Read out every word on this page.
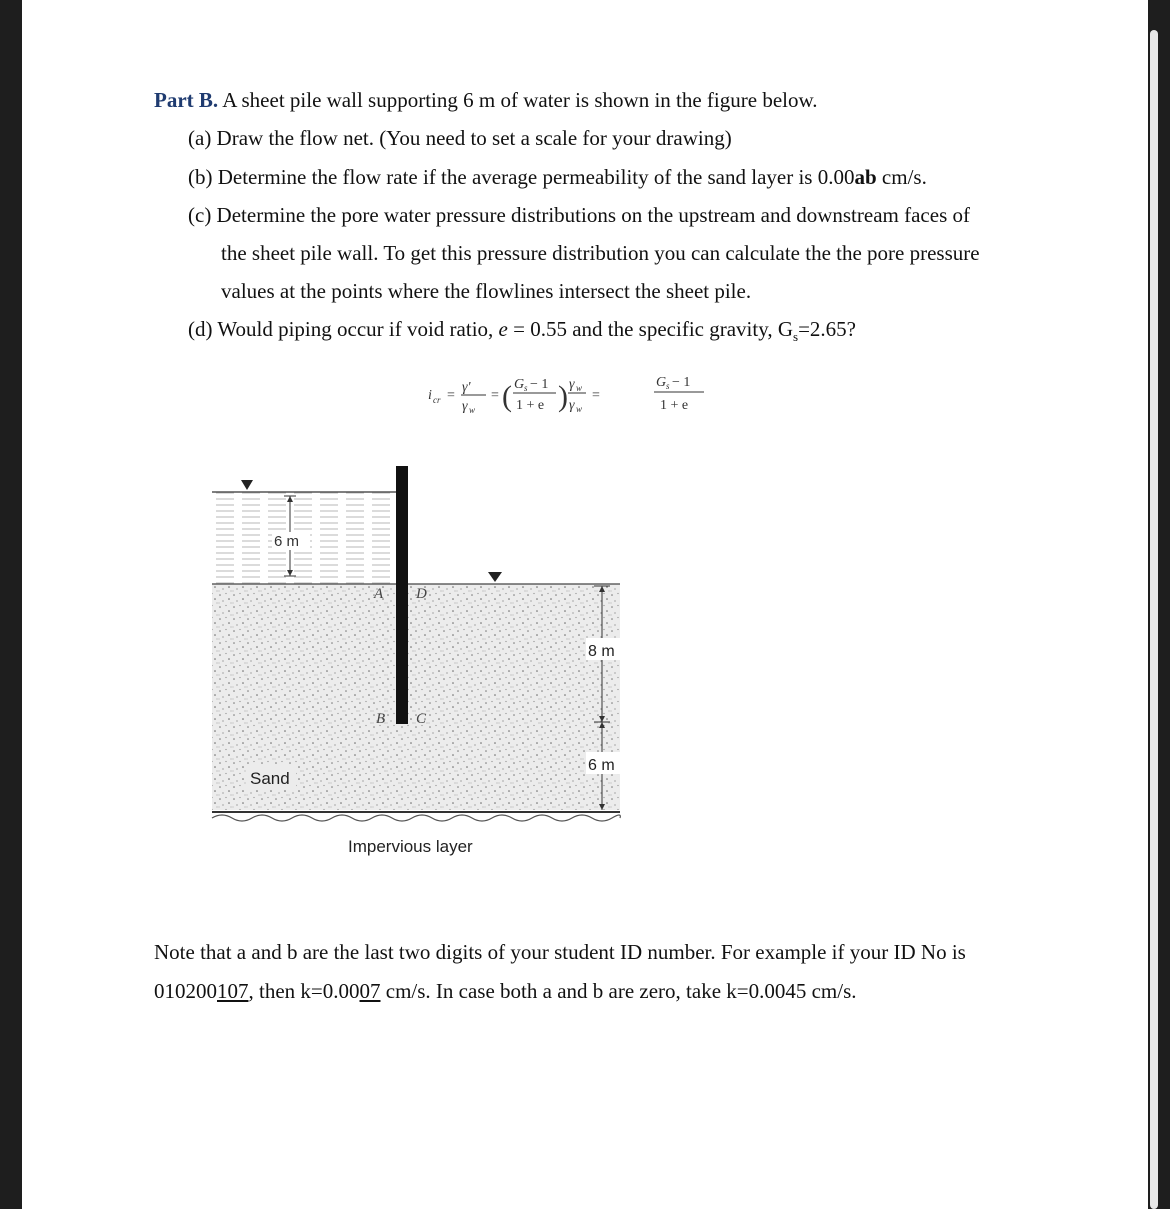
Part B. A sheet pile wall supporting 6 m of water is shown in the figure below.
(a) Draw the flow net. (You need to set a scale for your drawing)
(b) Determine the flow rate if the average permeability of the sand layer is 0.00ab cm/s.
(c) Determine the pore water pressure distributions on the upstream and downstream faces of
the sheet pile wall. To get this pressure distribution you can calculate the the pore pressure
values at the points where the flowlines intersect the sheet pile.
(d) Would piping occur if void ratio, e = 0.55 and the specific gravity, $G_s=2.65$?
i cr =
γ'
γ w
= ( G s − 1
1 + e ) γ w
γ w
=
G s − 1
1 + e
6 m
A D
B C
8 m
6 m
Sand
Impervious layer
Note that a and b are the last two digits of your student ID number. For example if your ID No is
010200107, then k=0.0007 cm/s. In case both a and b are zero, take k=0.0045 cm/s.
